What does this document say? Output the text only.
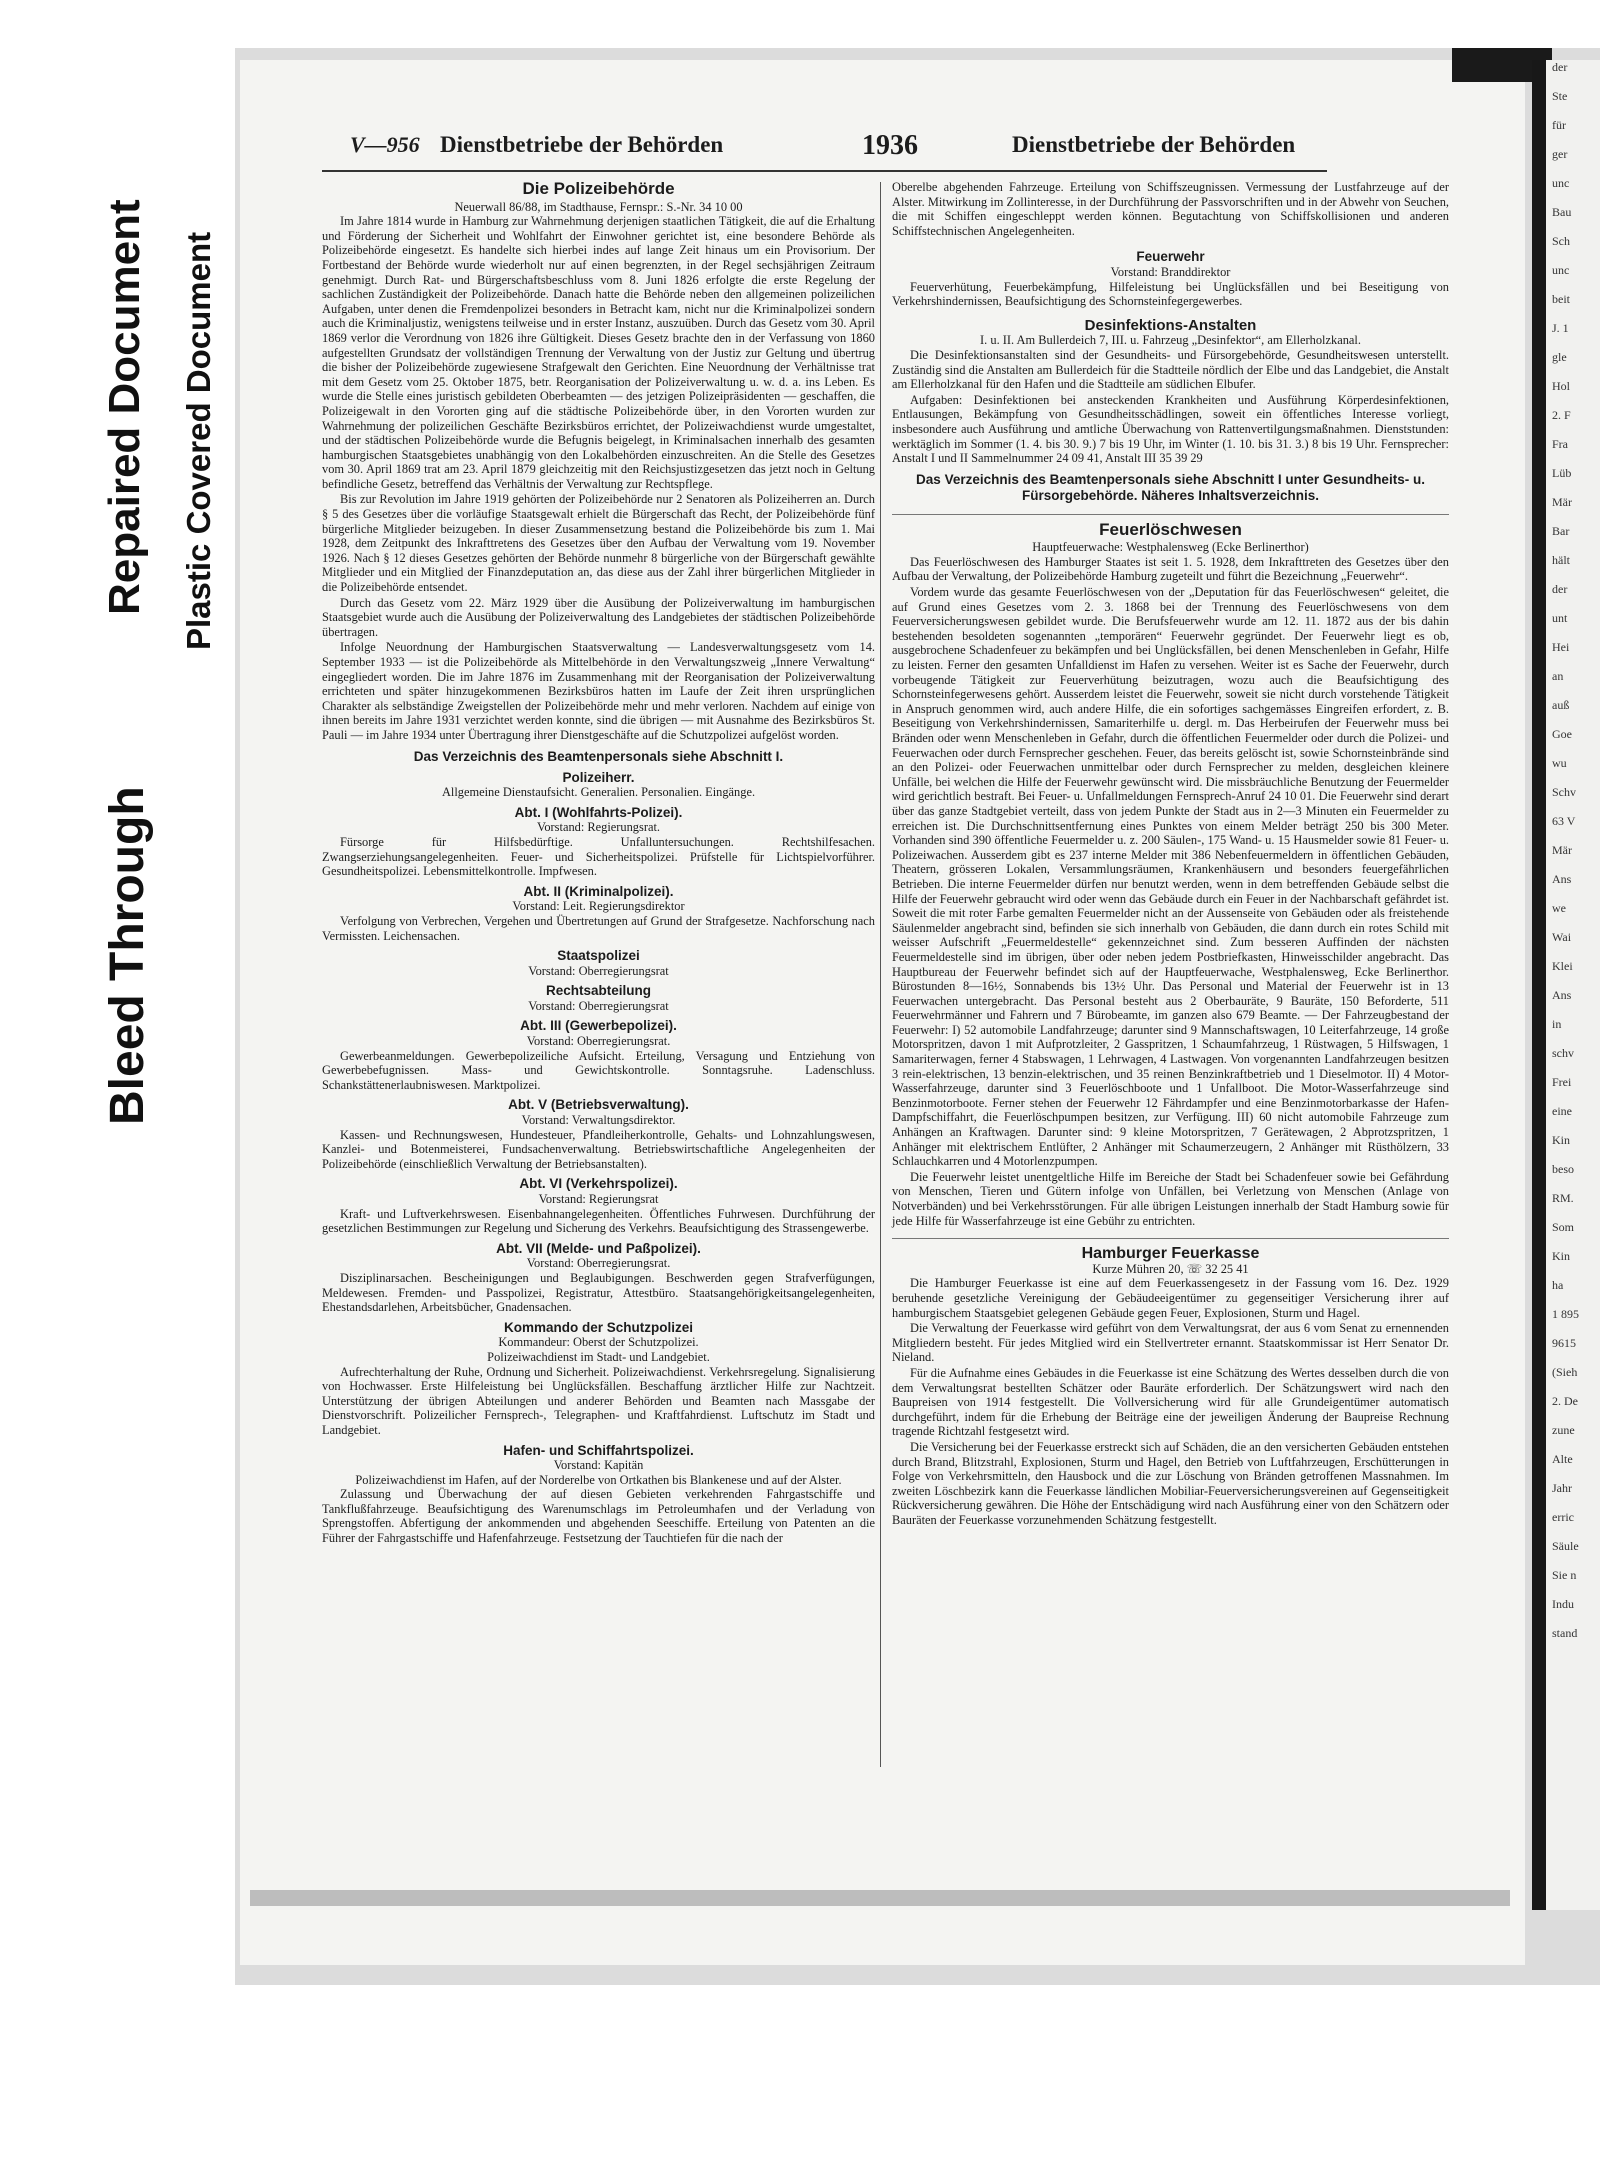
Bleed Through
Repaired Document Plastic Covered Document
der
Ste
für
ger
unc
Bau
Sch
unc
beit
J. 1
gle
Hol
2. F
Fra
Lüb
Mär
Bar
hält
der
unt
Hei
an
auß
Goe
wu
Schv
63 V
Mär
Ans
we
Wai
Klei
Ans
in
schv
Frei
eine
Kin
beso
RM.
Som
Kin
ha
1 895
9615
(Sieh
2. De
zune
Alte
Jahr
erric
Säule
Sie n
Indu
stand
V—956 Dienstbetriebe der Behörden	1936	Dienstbetriebe der Behörden
Die Polizeibehörde
Neuerwall 86/88, im Stadthause, Fernspr.: S.-Nr. 34 10 00

Im Jahre 1814 wurde in Hamburg zur Wahrnehmung derjenigen staatlichen Tätigkeit, die auf die Erhaltung und Förderung der Sicherheit und Wohlfahrt der Einwohner gerichtet ist, eine besondere Behörde als Polizeibehörde eingesetzt. Es handelte sich hierbei indes auf lange Zeit hinaus um ein Provisorium. Der Fortbestand der Behörde wurde wiederholt nur auf einen begrenzten, in der Regel sechsjährigen Zeitraum genehmigt. Durch Rat- und Bürgerschaftsbeschluss vom 8. Juni 1826 erfolgte die erste Regelung der sachlichen Zuständigkeit der Polizeibehörde. Danach hatte die Behörde neben den allgemeinen polizeilichen Aufgaben, unter denen die Fremdenpolizei besonders in Betracht kam, nicht nur die Kriminalpolizei sondern auch die Kriminaljustiz, wenigstens teilweise und in erster Instanz, auszuüben. Durch das Gesetz vom 30. April 1869 verlor die Verordnung von 1826 ihre Gültigkeit. Dieses Gesetz brachte den in der Verfassung von 1860 aufgestellten Grundsatz der vollständigen Trennung der Verwaltung von der Justiz zur Geltung und übertrug die bisher der Polizeibehörde zugewiesene Strafgewalt den Gerichten. Eine Neuordnung der Verhältnisse trat mit dem Gesetz vom 25. Oktober 1875, betr. Reorganisation der Polizeiverwaltung u. w. d. a. ins Leben. Es wurde die Stelle eines juristisch gebildeten Oberbeamten — des jetzigen Polizeipräsidenten — geschaffen, die Polizeigewalt in den Vororten ging auf die städtische Polizeibehörde über, in den Vororten wurden zur Wahrnehmung der polizeilichen Geschäfte Bezirksbüros errichtet, der Polizeiwachdienst wurde umgestaltet, und der städtischen Polizeibehörde wurde die Befugnis beigelegt, in Kriminalsachen innerhalb des gesamten hamburgischen Staatsgebietes unabhängig von den Lokalbehörden einzuschreiten. An die Stelle des Gesetzes vom 30. April 1869 trat am 23. April 1879 gleichzeitig mit den Reichsjustizgesetzen das jetzt noch in Geltung befindliche Gesetz, betreffend das Verhältnis der Verwaltung zur Rechtspflege.

Bis zur Revolution im Jahre 1919 gehörten der Polizeibehörde nur 2 Senatoren als Polizeiherren an. Durch § 5 des Gesetzes über die vorläufige Staatsgewalt erhielt die Bürgerschaft das Recht, der Polizeibehörde fünf bürgerliche Mitglieder beizugeben. In dieser Zusammensetzung bestand die Polizeibehörde bis zum 1. Mai 1928, dem Zeitpunkt des Inkrafttretens des Gesetzes über den Aufbau der Verwaltung vom 19. November 1926. Nach § 12 dieses Gesetzes gehörten der Behörde nunmehr 8 bürgerliche von der Bürgerschaft gewählte Mitglieder und ein Mitglied der Finanzdeputation an, das diese aus der Zahl ihrer bürgerlichen Mitglieder in die Polizeibehörde entsendet.

Durch das Gesetz vom 22. März 1929 über die Ausübung der Polizeiverwaltung im hamburgischen Staatsgebiet wurde auch die Ausübung der Polizeiverwaltung des Landgebietes der städtischen Polizeibehörde übertragen.

Infolge Neuordnung der Hamburgischen Staatsverwaltung — Landesverwaltungsgesetz vom 14. September 1933 — ist die Polizeibehörde als Mittelbehörde in den Verwaltungszweig „Innere Verwaltung“ eingegliedert worden. Die im Jahre 1876 im Zusammenhang mit der Reorganisation der Polizeiverwaltung errichteten und später hinzugekommenen Bezirksbüros hatten im Laufe der Zeit ihren ursprünglichen Charakter als selbständige Zweigstellen der Polizeibehörde mehr und mehr verloren. Nachdem auf einige von ihnen bereits im Jahre 1931 verzichtet werden konnte, sind die übrigen — mit Ausnahme des Bezirksbüros St. Pauli — im Jahre 1934 unter Übertragung ihrer Dienstgeschäfte auf die Schutzpolizei aufgelöst worden.

Das Verzeichnis des Beamtenpersonals siehe Abschnitt I.
Polizeiherr.
Allgemeine Dienstaufsicht. Generalien. Personalien. Eingänge.
Abt. I (Wohlfahrts-Polizei).
Vorstand: Regierungsrat.

Fürsorge für Hilfsbedürftige. Unfalluntersuchungen. Rechtshilfesachen. Zwangserziehungsangelegenheiten. Feuer- und Sicherheitspolizei. Prüfstelle für Lichtspielvorführer. Gesundheitspolizei. Lebensmittelkontrolle. Impfwesen.

Abt. II (Kriminalpolizei).
Vorstand: Leit. Regierungsdirektor

Verfolgung von Verbrechen, Vergehen und Übertretungen auf Grund der Strafgesetze. Nachforschung nach Vermissten. Leichensachen.

Staatspolizei
Vorstand: Oberregierungsrat
Rechtsabteilung
Vorstand: Oberregierungsrat
Abt. III (Gewerbepolizei).
Vorstand: Oberregierungsrat.

Gewerbeanmeldungen. Gewerbepolizeiliche Aufsicht. Erteilung, Versagung und Entziehung von Gewerbebefugnissen. Mass- und Gewichtskontrolle. Sonntagsruhe. Ladenschluss. Schankstättenerlaubniswesen. Marktpolizei.

Abt. V (Betriebsverwaltung).
Vorstand: Verwaltungsdirektor.

Kassen- und Rechnungswesen, Hundesteuer, Pfandleiherkontrolle, Gehalts- und Lohnzahlungswesen, Kanzlei- und Botenmeisterei, Fundsachenverwaltung. Betriebswirtschaftliche Angelegenheiten der Polizeibehörde (einschließlich Verwaltung der Betriebsanstalten).

Abt. VI (Verkehrspolizei).
Vorstand: Regierungsrat

Kraft- und Luftverkehrswesen. Eisenbahnangelegenheiten. Öffentliches Fuhrwesen. Durchführung der gesetzlichen Bestimmungen zur Regelung und Sicherung des Verkehrs. Beaufsichtigung des Strassengewerbe.

Abt. VII (Melde- und Paßpolizei).
Vorstand: Oberregierungsrat.

Disziplinarsachen. Bescheinigungen und Beglaubigungen. Beschwerden gegen Strafverfügungen, Meldewesen. Fremden- und Passpolizei, Registratur, Attestbüro. Staatsangehörigkeitsangelegenheiten, Ehestandsdarlehen, Arbeitsbücher, Gnadensachen.

Kommando der Schutzpolizei
Kommandeur: Oberst der Schutzpolizei.
Polizeiwachdienst im Stadt- und Landgebiet.

Aufrechterhaltung der Ruhe, Ordnung und Sicherheit. Polizeiwachdienst. Verkehrsregelung. Signalisierung von Hochwasser. Erste Hilfeleistung bei Unglücksfällen. Beschaffung ärztlicher Hilfe zur Nachtzeit. Unterstützung der übrigen Abteilungen und anderer Behörden und Beamten nach Massgabe der Dienstvorschrift. Polizeilicher Fernsprech-, Telegraphen- und Kraftfahrdienst. Luftschutz im Stadt und Landgebiet.

Hafen- und Schiffahrtspolizei.
Vorstand: Kapitän
Polizeiwachdienst im Hafen, auf der Norderelbe von Ortkathen bis Blankenese und auf der Alster.

Zulassung und Überwachung der auf diesen Gebieten verkehrenden Fahrgastschiffe und Tankflußfahrzeuge. Beaufsichtigung des Warenumschlags im Petroleumhafen und der Verladung von Sprengstoffen. Abfertigung der ankommenden und abgehenden Seeschiffe. Erteilung von Patenten an die Führer der Fahrgastschiffe und Hafenfahrzeuge. Festsetzung der Tauchtiefen für die nach der

Oberelbe abgehenden Fahrzeuge. Erteilung von Schiffszeugnissen. Vermessung der Lustfahrzeuge auf der Alster. Mitwirkung im Zollinteresse, in der Durchführung der Passvorschriften und in der Abwehr von Seuchen, die mit Schiffen eingeschleppt werden können. Begutachtung von Schiffskollisionen und anderen Schiffstechnischen Angelegenheiten.

Feuerwehr
Vorstand: Branddirektor

Feuerverhütung, Feuerbekämpfung, Hilfeleistung bei Unglücksfällen und bei Beseitigung von Verkehrshindernissen, Beaufsichtigung des Schornsteinfegergewerbes.

Desinfektions-Anstalten
I. u. II. Am Bullerdeich 7, III. u. Fahrzeug „Desinfektor“, am Ellerholzkanal.

Die Desinfektionsanstalten sind der Gesundheits- und Fürsorgebehörde, Gesundheitswesen unterstellt. Zuständig sind die Anstalten am Bullerdeich für die Stadtteile nördlich der Elbe und das Landgebiet, die Anstalt am Ellerholzkanal für den Hafen und die Stadtteile am südlichen Elbufer.

Aufgaben: Desinfektionen bei ansteckenden Krankheiten und Ausführung Körperdesinfektionen, Entlausungen, Bekämpfung von Gesundheitsschädlingen, soweit ein öffentliches Interesse vorliegt, insbesondere auch Ausführung und amtliche Überwachung von Rattenvertilgungsmaßnahmen. Dienststunden: werktäglich im Sommer (1. 4. bis 30. 9.) 7 bis 19 Uhr, im Winter (1. 10. bis 31. 3.) 8 bis 19 Uhr. Fernsprecher: Anstalt I und II Sammelnummer 24 09 41, Anstalt III 35 39 29

Das Verzeichnis des Beamtenpersonals siehe Abschnitt I unter Gesundheits- u. Fürsorgebehörde. Näheres Inhaltsverzeichnis.
Feuerlöschwesen
Hauptfeuerwache: Westphalensweg (Ecke Berlinerthor)

Das Feuerlöschwesen des Hamburger Staates ist seit 1. 5. 1928, dem Inkrafttreten des Gesetzes über den Aufbau der Verwaltung, der Polizeibehörde Hamburg zugeteilt und führt die Bezeichnung „Feuerwehr“.

Vordem wurde das gesamte Feuerlöschwesen von der „Deputation für das Feuerlöschwesen“ geleitet, die auf Grund eines Gesetzes vom 2. 3. 1868 bei der Trennung des Feuerlöschwesens von dem Feuerversicherungswesen gebildet wurde. Die Berufsfeuerwehr wurde am 12. 11. 1872 aus der bis dahin bestehenden besoldeten sogenannten „temporären“ Feuerwehr gegründet. Der Feuerwehr liegt es ob, ausgebrochene Schadenfeuer zu bekämpfen und bei Unglücksfällen, bei denen Menschenleben in Gefahr, Hilfe zu leisten. Ferner den gesamten Unfalldienst im Hafen zu versehen. Weiter ist es Sache der Feuerwehr, durch vorbeugende Tätigkeit zur Feuerverhütung beizutragen, wozu auch die Beaufsichtigung des Schornsteinfegerwesens gehört. Ausserdem leistet die Feuerwehr, soweit sie nicht durch vorstehende Tätigkeit in Anspruch genommen wird, auch andere Hilfe, die ein sofortiges sachgemässes Eingreifen erfordert, z. B. Beseitigung von Verkehrshindernissen, Samariterhilfe u. dergl. m. Das Herbeirufen der Feuerwehr muss bei Bränden oder wenn Menschenleben in Gefahr, durch die öffentlichen Feuermelder oder durch die Polizei- und Feuerwachen oder durch Fernsprecher geschehen. Feuer, das bereits gelöscht ist, sowie Schornsteinbrände sind an den Polizei- oder Feuerwachen unmittelbar oder durch Fernsprecher zu melden, desgleichen kleinere Unfälle, bei welchen die Hilfe der Feuerwehr gewünscht wird. Die missbräuchliche Benutzung der Feuermelder wird gerichtlich bestraft. Bei Feuer- u. Unfallmeldungen Fernsprech-Anruf 24 10 01. Die Feuerwehr sind derart über das ganze Stadtgebiet verteilt, dass von jedem Punkte der Stadt aus in 2—3 Minuten ein Feuermelder zu erreichen ist. Die Durchschnittsentfernung eines Punktes von einem Melder beträgt 250 bis 300 Meter. Vorhanden sind 390 öffentliche Feuermelder u. z. 200 Säulen-, 175 Wand- u. 15 Hausmelder sowie 81 Feuer- u. Polizeiwachen. Ausserdem gibt es 237 interne Melder mit 386 Nebenfeuermeldern in öffentlichen Gebäuden, Theatern, grösseren Lokalen, Versammlungsräumen, Krankenhäusern und besonders feuergefährlichen Betrieben. Die interne Feuermelder dürfen nur benutzt werden, wenn in dem betreffenden Gebäude selbst die Hilfe der Feuerwehr gebraucht wird oder wenn das Gebäude durch ein Feuer in der Nachbarschaft gefährdet ist. Soweit die mit roter Farbe gemalten Feuermelder nicht an der Aussenseite von Gebäuden oder als freistehende Säulenmelder angebracht sind, befinden sie sich innerhalb von Gebäuden, die dann durch ein rotes Schild mit weisser Aufschrift „Feuermeldestelle“ gekennzeichnet sind. Zum besseren Auffinden der nächsten Feuermeldestelle sind im übrigen, über oder neben jedem Postbriefkasten, Hinweisschilder angebracht. Das Hauptbureau der Feuerwehr befindet sich auf der Hauptfeuerwache, Westphalensweg, Ecke Berlinerthor. Bürostunden 8—16½, Sonnabends bis 13½ Uhr. Das Personal und Material der Feuerwehr ist in 13 Feuerwachen untergebracht. Das Personal besteht aus 2 Oberbauräte, 9 Bauräte, 150 Beforderte, 511 Feuerwehrmänner und Fahrern und 7 Bürobeamte, im ganzen also 679 Beamte. — Der Fahrzeugbestand der Feuerwehr: I) 52 automobile Landfahrzeuge; darunter sind 9 Mannschaftswagen, 10 Leiterfahrzeuge, 14 große Motorspritzen, davon 1 mit Aufprotzleiter, 2 Gasspritzen, 1 Schaumfahrzeug, 1 Rüstwagen, 5 Hilfswagen, 1 Samariterwagen, ferner 4 Stabswagen, 1 Lehrwagen, 4 Lastwagen. Von vorgenannten Landfahrzeugen besitzen 3 rein-elektrischen, 13 benzin-elektrischen, und 35 reinen Benzinkraftbetrieb und 1 Dieselmotor. II) 4 Motor-Wasserfahrzeuge, darunter sind 3 Feuerlöschboote und 1 Unfallboot. Die Motor-Wasserfahrzeuge sind Benzinmotorboote. Ferner stehen der Feuerwehr 12 Fährdampfer und eine Benzinmotorbarkasse der Hafen-Dampfschiffahrt, die Feuerlöschpumpen besitzen, zur Verfügung. III) 60 nicht automobile Fahrzeuge zum Anhängen an Kraftwagen. Darunter sind: 9 kleine Motorspritzen, 7 Gerätewagen, 2 Abprotzspritzen, 1 Anhänger mit elektrischem Entlüfter, 2 Anhänger mit Schaumerzeugern, 2 Anhänger mit Rüsthölzern, 33 Schlauchkarren und 4 Motorlenzpumpen.

Die Feuerwehr leistet unentgeltliche Hilfe im Bereiche der Stadt bei Schadenfeuer sowie bei Gefährdung von Menschen, Tieren und Gütern infolge von Unfällen, bei Verletzung von Menschen (Anlage von Notverbänden) und bei Verkehrsstörungen. Für alle übrigen Leistungen innerhalb der Stadt Hamburg sowie für jede Hilfe für Wasserfahrzeuge ist eine Gebühr zu entrichten.

Hamburger Feuerkasse
Kurze Mühren 20, ☏ 32 25 41

Die Hamburger Feuerkasse ist eine auf dem Feuerkassengesetz in der Fassung vom 16. Dez. 1929 beruhende gesetzliche Vereinigung der Gebäudeeigentümer zu gegenseitiger Versicherung ihrer auf hamburgischem Staatsgebiet gelegenen Gebäude gegen Feuer, Explosionen, Sturm und Hagel.

Die Verwaltung der Feuerkasse wird geführt von dem Verwaltungsrat, der aus 6 vom Senat zu ernennenden Mitgliedern besteht. Für jedes Mitglied wird ein Stellvertreter ernannt. Staatskommissar ist Herr Senator Dr. Nieland.

Für die Aufnahme eines Gebäudes in die Feuerkasse ist eine Schätzung des Wertes desselben durch die von dem Verwaltungsrat bestellten Schätzer oder Bauräte erforderlich. Der Schätzungswert wird nach den Baupreisen von 1914 festgestellt. Die Vollversicherung wird für alle Grundeigentümer automatisch durchgeführt, indem für die Erhebung der Beiträge eine der jeweiligen Änderung der Baupreise Rechnung tragende Richtzahl festgesetzt wird.

Die Versicherung bei der Feuerkasse erstreckt sich auf Schäden, die an den versicherten Gebäuden entstehen durch Brand, Blitzstrahl, Explosionen, Sturm und Hagel, den Betrieb von Luftfahrzeugen, Erschütterungen in Folge von Verkehrsmitteln, den Hausbock und die zur Löschung von Bränden getroffenen Massnahmen. Im zweiten Löschbezirk kann die Feuerkasse ländlichen Mobiliar-Feuerversicherungsvereinen auf Gegenseitigkeit Rückversicherung gewähren. Die Höhe der Entschädigung wird nach Ausführung einer von den Schätzern oder Bauräten der Feuerkasse vorzunehmenden Schätzung festgestellt.
